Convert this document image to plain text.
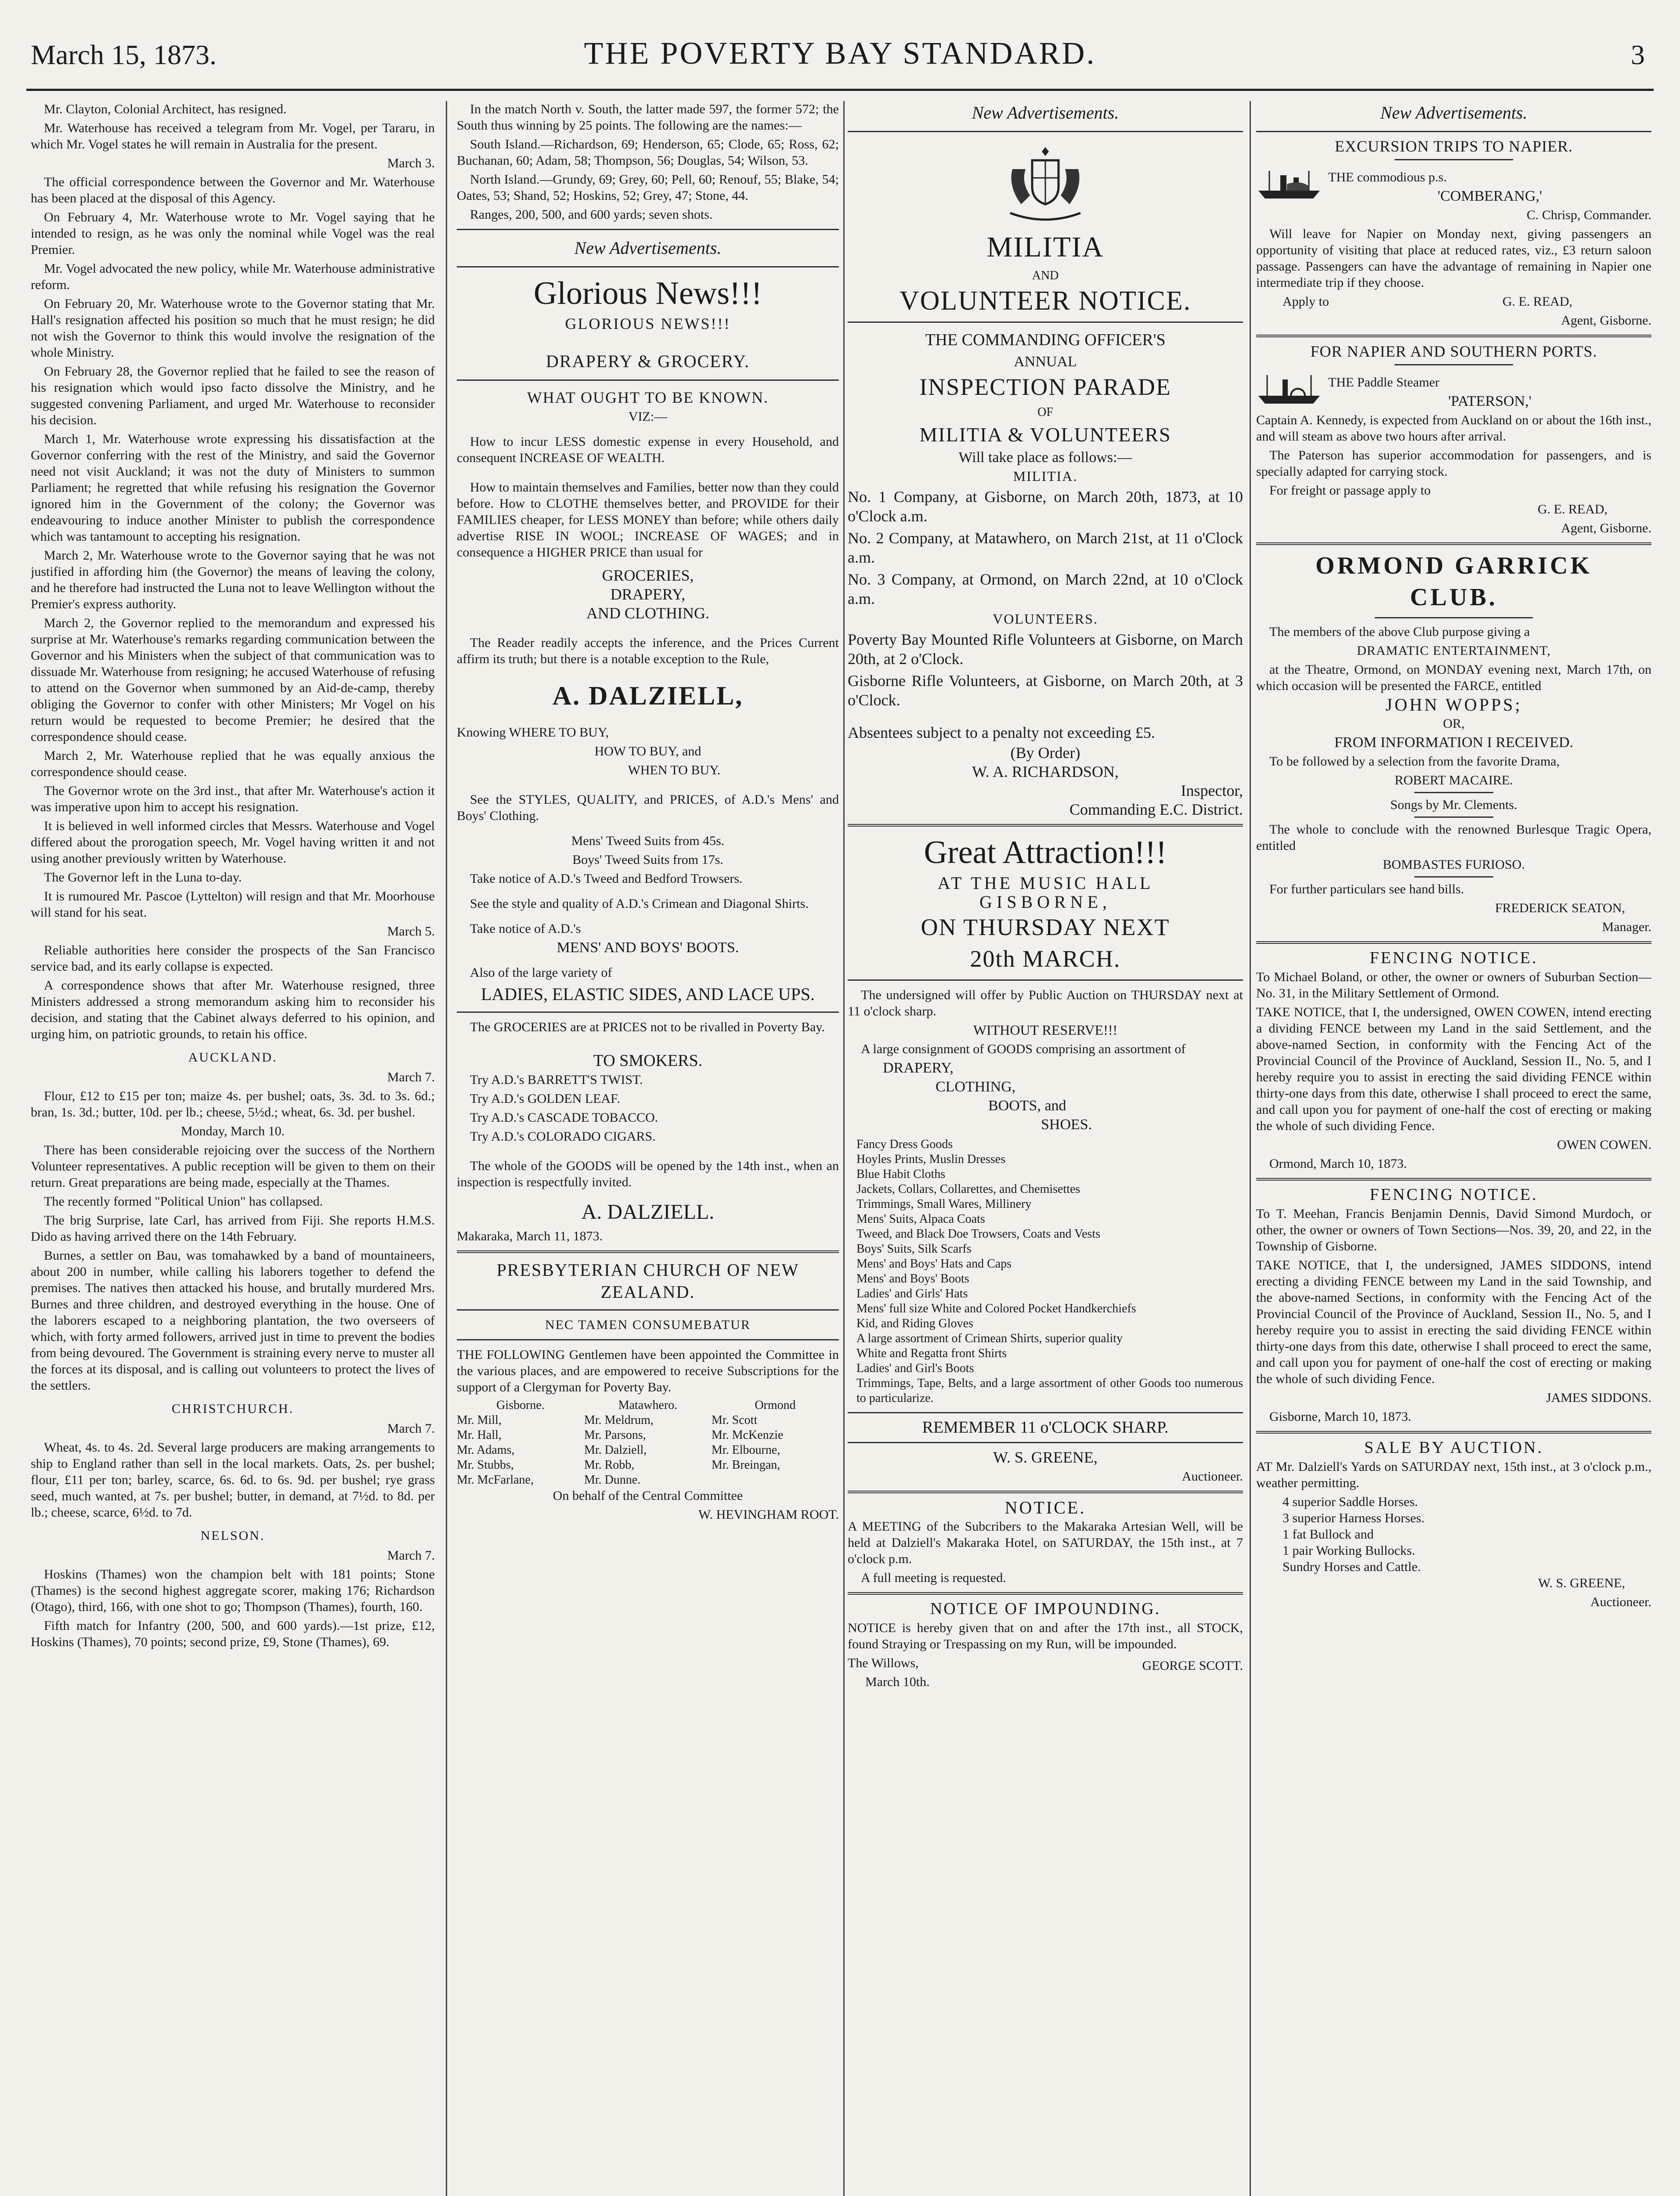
March 15, 1873.	THE POVERTY BAY STANDARD.	3

Mr. Clayton, Colonial Architect, has resigned.

Mr. Waterhouse has received a telegram from Mr. Vogel, per Tararu, in which Mr. Vogel states he will remain in Australia for the present.

March 3.

The official correspondence between the Governor and Mr. Waterhouse has been placed at the disposal of this Agency.

On February 4, Mr. Waterhouse wrote to Mr. Vogel saying that he intended to resign, as he was only the nominal while Vogel was the real Premier.

Mr. Vogel advocated the new policy, while Mr. Waterhouse administrative reform.

On February 20, Mr. Waterhouse wrote to the Governor stating that Mr. Hall's resignation affected his position so much that he must resign; he did not wish the Governor to think this would involve the resignation of the whole Ministry.

On February 28, the Governor replied that he failed to see the reason of his resignation which would ipso facto dissolve the Ministry, and he suggested convening Parliament, and urged Mr. Waterhouse to reconsider his decision.

March 1, Mr. Waterhouse wrote expressing his dissatisfaction at the Governor conferring with the rest of the Ministry, and said the Governor need not visit Auckland; it was not the duty of Ministers to summon Parliament; he regretted that while refusing his resignation the Governor ignored him in the Government of the colony; the Governor was endeavouring to induce another Minister to publish the correspondence which was tantamount to accepting his resignation.

March 2, Mr. Waterhouse wrote to the Governor saying that he was not justified in affording him (the Governor) the means of leaving the colony, and he therefore had instructed the Luna not to leave Wellington without the Premier's express authority.

March 2, the Governor replied to the memorandum and expressed his surprise at Mr. Waterhouse's remarks regarding communication between the Governor and his Ministers when the subject of that communication was to dissuade Mr. Waterhouse from resigning; he accused Waterhouse of refusing to attend on the Governor when summoned by an Aid-de-camp, thereby obliging the Governor to confer with other Ministers; Mr Vogel on his return would be requested to become Premier; he desired that the correspondence should cease.

March 2, Mr. Waterhouse replied that he was equally anxious the correspondence should cease.

The Governor wrote on the 3rd inst., that after Mr. Waterhouse's action it was imperative upon him to accept his resignation.

It is believed in well informed circles that Messrs. Waterhouse and Vogel differed about the prorogation speech, Mr. Vogel having written it and not using another previously written by Waterhouse.

The Governor left in the Luna to-day.

It is rumoured Mr. Pascoe (Lyttelton) will resign and that Mr. Moorhouse will stand for his seat.

March 5.

Reliable authorities here consider the prospects of the San Francisco service bad, and its early collapse is expected.

A correspondence shows that after Mr. Waterhouse resigned, three Ministers addressed a strong memorandum asking him to reconsider his decision, and stating that the Cabinet always deferred to his opinion, and urging him, on patriotic grounds, to retain his office.

AUCKLAND.

March 7.

Flour, £12 to £15 per ton; maize 4s. per bushel; oats, 3s. 3d. to 3s. 6d.; bran, 1s. 3d.; butter, 10d. per lb.; cheese, 5½d.; wheat, 6s. 3d. per bushel.

Monday, March 10.

There has been considerable rejoicing over the success of the Northern Volunteer representatives. A public reception will be given to them on their return. Great preparations are being made, especially at the Thames.

The recently formed "Political Union" has collapsed.

The brig Surprise, late Carl, has arrived from Fiji. She reports H.M.S. Dido as having arrived there on the 14th February.

Burnes, a settler on Bau, was tomahawked by a band of mountaineers, about 200 in number, while calling his laborers together to defend the premises. The natives then attacked his house, and brutally murdered Mrs. Burnes and three children, and destroyed everything in the house. One of the laborers escaped to a neighboring plantation, the two overseers of which, with forty armed followers, arrived just in time to prevent the bodies from being devoured. The Government is straining every nerve to muster all the forces at its disposal, and is calling out volunteers to protect the lives of the settlers.

CHRISTCHURCH.

March 7.

Wheat, 4s. to 4s. 2d. Several large producers are making arrangements to ship to England rather than sell in the local markets. Oats, 2s. per bushel; flour, £11 per ton; barley, scarce, 6s. 6d. to 6s. 9d. per bushel; rye grass seed, much wanted, at 7s. per bushel; butter, in demand, at 7½d. to 8d. per lb.; cheese, scarce, 6½d. to 7d.

NELSON.

March 7.

Hoskins (Thames) won the champion belt with 181 points; Stone (Thames) is the second highest aggregate scorer, making 176; Richardson (Otago), third, 166, with one shot to go; Thompson (Thames), fourth, 160.

Fifth match for Infantry (200, 500, and 600 yards).—1st prize, £12, Hoskins (Thames), 70 points; second prize, £9, Stone (Thames), 69.

In the match North v. South, the latter made 597, the former 572; the South thus winning by 25 points. The following are the names:—

South Island.—Richardson, 69; Henderson, 65; Clode, 65; Ross, 62; Buchanan, 60; Adam, 58; Thompson, 56; Douglas, 54; Wilson, 53.

North Island.—Grundy, 69; Grey, 60; Pell, 60; Renouf, 55; Blake, 54; Oates, 53; Shand, 52; Hoskins, 52; Grey, 47; Stone, 44.

Ranges, 200, 500, and 600 yards; seven shots.

New Advertisements.

Glorious News!!!

GLORIOUS NEWS!!!

DRAPERY & GROCERY.

WHAT OUGHT TO BE KNOWN.

VIZ:—

How to incur LESS domestic expense in every Household, and consequent INCREASE OF WEALTH.

How to maintain themselves and Families, better now than they could before. How to CLOTHE themselves better, and PROVIDE for their FAMILIES cheaper, for LESS MONEY than before; while others daily advertise RISE IN WOOL; INCREASE OF WAGES; and in consequence a HIGHER PRICE than usual for

GROCERIES,

DRAPERY,

AND CLOTHING.

The Reader readily accepts the inference, and the Prices Current affirm its truth; but there is a notable exception to the Rule,

A. DALZIELL,

Knowing WHERE TO BUY,

HOW TO BUY, and

WHEN TO BUY.

See the STYLES, QUALITY, and PRICES, of A.D.'s Mens' and Boys' Clothing.

Mens' Tweed Suits from 45s.

Boys' Tweed Suits from 17s.

Take notice of A.D.'s Tweed and Bedford Trowsers.

See the style and quality of A.D.'s Crimean and Diagonal Shirts.

Take notice of A.D.'s

MENS' AND BOYS' BOOTS.

Also of the large variety of

LADIES, ELASTIC SIDES, AND LACE UPS.

The GROCERIES are at PRICES not to be rivalled in Poverty Bay.

TO SMOKERS.

Try A.D.'s BARRETT'S TWIST.

Try A.D.'s GOLDEN LEAF.

Try A.D.'s CASCADE TOBACCO.

Try A.D.'s COLORADO CIGARS.

The whole of the GOODS will be opened by the 14th inst., when an inspection is respectfully invited.

A. DALZIELL.

Makaraka, March 11, 1873.

PRESBYTERIAN CHURCH OF NEW ZEALAND.

NEC TAMEN CONSUMEBATUR

THE FOLLOWING Gentlemen have been appointed the Committee in the various places, and are empowered to receive Subscriptions for the support of a Clergyman for Poverty Bay.

Gisborne.	Matawhero.	Ormond
Mr. Mill,	Mr. Meldrum,	Mr. Scott
Mr. Hall,	Mr. Parsons,	Mr. McKenzie
Mr. Adams,	Mr. Dalziell,	Mr. Elbourne,
Mr. Stubbs,	Mr. Robb,	Mr. Breingan,
Mr. McFarlane,	Mr. Dunne.

On behalf of the Central Committee

W. HEVINGHAM ROOT.

New Advertisements.

MILITIA

AND

VOLUNTEER NOTICE.

THE COMMANDING OFFICER'S

ANNUAL

INSPECTION PARADE

OF

MILITIA & VOLUNTEERS

Will take place as follows:—

MILITIA.

No. 1 Company, at Gisborne, on March 20th, 1873, at 10 o'Clock a.m.

No. 2 Company, at Matawhero, on March 21st, at 11 o'Clock a.m.

No. 3 Company, at Ormond, on March 22nd, at 10 o'Clock a.m.

VOLUNTEERS.

Poverty Bay Mounted Rifle Volunteers at Gisborne, on March 20th, at 2 o'Clock.

Gisborne Rifle Volunteers, at Gisborne, on March 20th, at 3 o'Clock.

Absentees subject to a penalty not exceeding £5.

(By Order)

W. A. RICHARDSON,

Inspector,

Commanding E.C. District.

Great Attraction!!!

AT THE MUSIC HALL

GISBORNE,

ON THURSDAY NEXT

20th MARCH.

The undersigned will offer by Public Auction on THURSDAY next at 11 o'clock sharp.

WITHOUT RESERVE!!!

A large consignment of GOODS comprising an assortment of

DRAPERY,

CLOTHING,

BOOTS, and

SHOES.

Fancy Dress Goods

Hoyles Prints, Muslin Dresses

Blue Habit Cloths

Jackets, Collars, Collarettes, and Chemisettes

Trimmings, Small Wares, Millinery

Mens' Suits, Alpaca Coats

Tweed, and Black Doe Trowsers, Coats and Vests

Boys' Suits, Silk Scarfs

Mens' and Boys' Hats and Caps

Mens' and Boys' Boots

Ladies' and Girls' Hats

Mens' full size White and Colored Pocket Handkerchiefs

Kid, and Riding Gloves

A large assortment of Crimean Shirts, superior quality

White and Regatta front Shirts

Ladies' and Girl's Boots

Trimmings, Tape, Belts, and a large assortment of other Goods too numerous to particularize.

REMEMBER 11 o'CLOCK SHARP.

W. S. GREENE,

Auctioneer.

NOTICE.

A MEETING of the Subcribers to the Makaraka Artesian Well, will be held at Dalziell's Makaraka Hotel, on SATURDAY, the 15th inst., at 7 o'clock p.m.

A full meeting is requested.

NOTICE OF IMPOUNDING.

NOTICE is hereby given that on and after the 17th inst., all STOCK, found Straying or Trespassing on my Run, will be impounded.

The Willows,

March 10th.

GEORGE SCOTT.

New Advertisements.

EXCURSION TRIPS TO NAPIER.

THE commodious p.s.

'COMBERANG,'

C. Chrisp, Commander.

Will leave for Napier on Monday next, giving passengers an opportunity of visiting that place at reduced rates, viz., £3 return saloon passage. Passengers can have the advantage of remaining in Napier one intermediate trip if they choose.

Apply to	G. E. READ,

Agent, Gisborne.

FOR NAPIER AND SOUTHERN PORTS.

THE Paddle Steamer

'PATERSON,'

Captain A. Kennedy, is expected from Auckland on or about the 16th inst., and will steam as above two hours after arrival.

The Paterson has superior accommodation for passengers, and is specially adapted for carrying stock.

For freight or passage apply to

G. E. READ,

Agent, Gisborne.

ORMOND GARRICK

CLUB.

The members of the above Club purpose giving a

DRAMATIC ENTERTAINMENT,

at the Theatre, Ormond, on MONDAY evening next, March 17th, on which occasion will be presented the FARCE, entitled

JOHN WOPPS;

OR,

FROM INFORMATION I RECEIVED.

To be followed by a selection from the favorite Drama,

ROBERT MACAIRE.

Songs by Mr. Clements.

The whole to conclude with the renowned Burlesque Tragic Opera, entitled

BOMBASTES FURIOSO.

For further particulars see hand bills.

FREDERICK SEATON,

Manager.

FENCING NOTICE.

To Michael Boland, or other, the owner or owners of Suburban Section—No. 31, in the Military Settlement of Ormond.

TAKE NOTICE, that I, the undersigned, OWEN COWEN, intend erecting a dividing FENCE between my Land in the said Settlement, and the above-named Section, in conformity with the Fencing Act of the Provincial Council of the Province of Auckland, Session II., No. 5, and I hereby require you to assist in erecting the said dividing FENCE within thirty-one days from this date, otherwise I shall proceed to erect the same, and call upon you for payment of one-half the cost of erecting or making the whole of such dividing Fence.

OWEN COWEN.

Ormond, March 10, 1873.

FENCING NOTICE.

To T. Meehan, Francis Benjamin Dennis, David Simond Murdoch, or other, the owner or owners of Town Sections—Nos. 39, 20, and 22, in the Township of Gisborne.

TAKE NOTICE, that I, the undersigned, JAMES SIDDONS, intend erecting a dividing FENCE between my Land in the said Township, and the above-named Sections, in conformity with the Fencing Act of the Provincial Council of the Province of Auckland, Session II., No. 5, and I hereby require you to assist in erecting the said dividing FENCE within thirty-one days from this date, otherwise I shall proceed to erect the same, and call upon you for payment of one-half the cost of erecting or making the whole of such dividing Fence.

JAMES SIDDONS.

Gisborne, March 10, 1873.

SALE BY AUCTION.

AT Mr. Dalziell's Yards on SATURDAY next, 15th inst., at 3 o'clock p.m., weather permitting.

4 superior Saddle Horses.

3 superior Harness Horses.

1 fat Bullock and

1 pair Working Bullocks.

Sundry Horses and Cattle.

W. S. GREENE,

Auctioneer.
